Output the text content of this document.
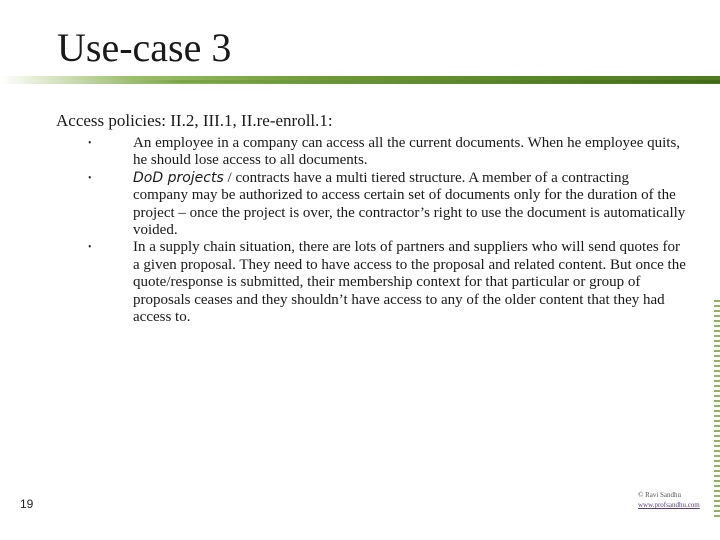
Use-case 3
Access policies: II.2, III.1, II.re-enroll.1:
•	An employee in a company can access all the current documents. When he employee quits, he should lose access to all documents.
•	DoD projects / contracts have a multi tiered structure. A member of a contracting company may be authorized to access certain set of documents only for the duration of the project – once the project is over, the contractor’s right to use the document is automatically voided.
•	In a supply chain situation, there are lots of partners and suppliers who will send quotes for a given proposal. They need to have access to the proposal and related content. But once the quote/response is submitted, their membership context for that particular or group of proposals ceases and they shouldn’t have access to any of the older content that they had access to.
19
© Ravi Sandhu
www.profsandhu.com
